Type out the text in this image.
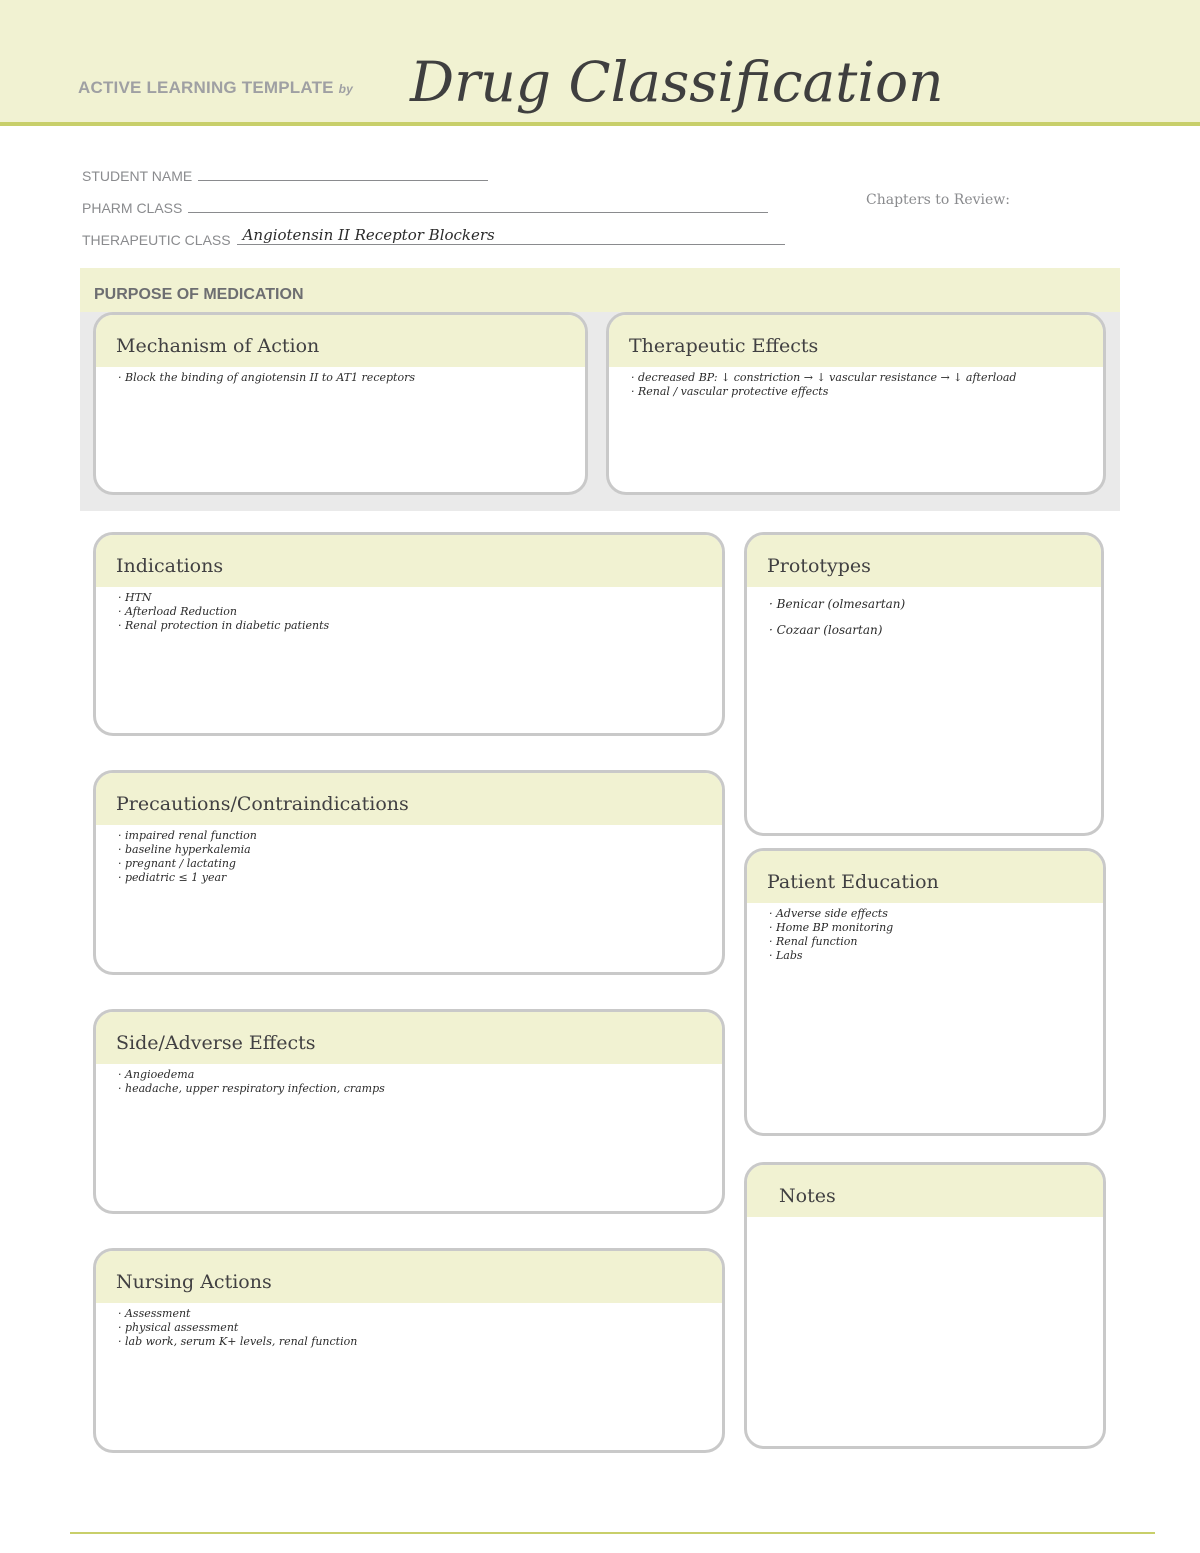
ACTIVE LEARNING TEMPLATE by Drug Classification
STUDENT NAME
PHARM CLASS
THERAPEUTIC CLASS Angiotensin II Receptor Blockers
Chapters to Review:
PURPOSE OF MEDICATION
Mechanism of Action
· Block the binding of angiotensin II to AT1 receptors
Therapeutic Effects
· decreased BP: ↓ constriction → ↓ vascular resistance → ↓ afterload
· Renal / vascular protective effects
Indications
· HTN
· Afterload Reduction
· Renal protection in diabetic patients
Precautions/Contraindications
· impaired renal function
· baseline hyperkalemia
· pregnant / lactating
· pediatric ≤ 1 year
Side/Adverse Effects
· Angioedema
· headache, upper respiratory infection, cramps
Nursing Actions
· Assessment
· physical assessment
· lab work, serum K+ levels, renal function
Prototypes
· Benicar (olmesartan)
· Cozaar (losartan)
Patient Education
· Adverse side effects
· Home BP monitoring
· Renal function
· Labs
Notes
